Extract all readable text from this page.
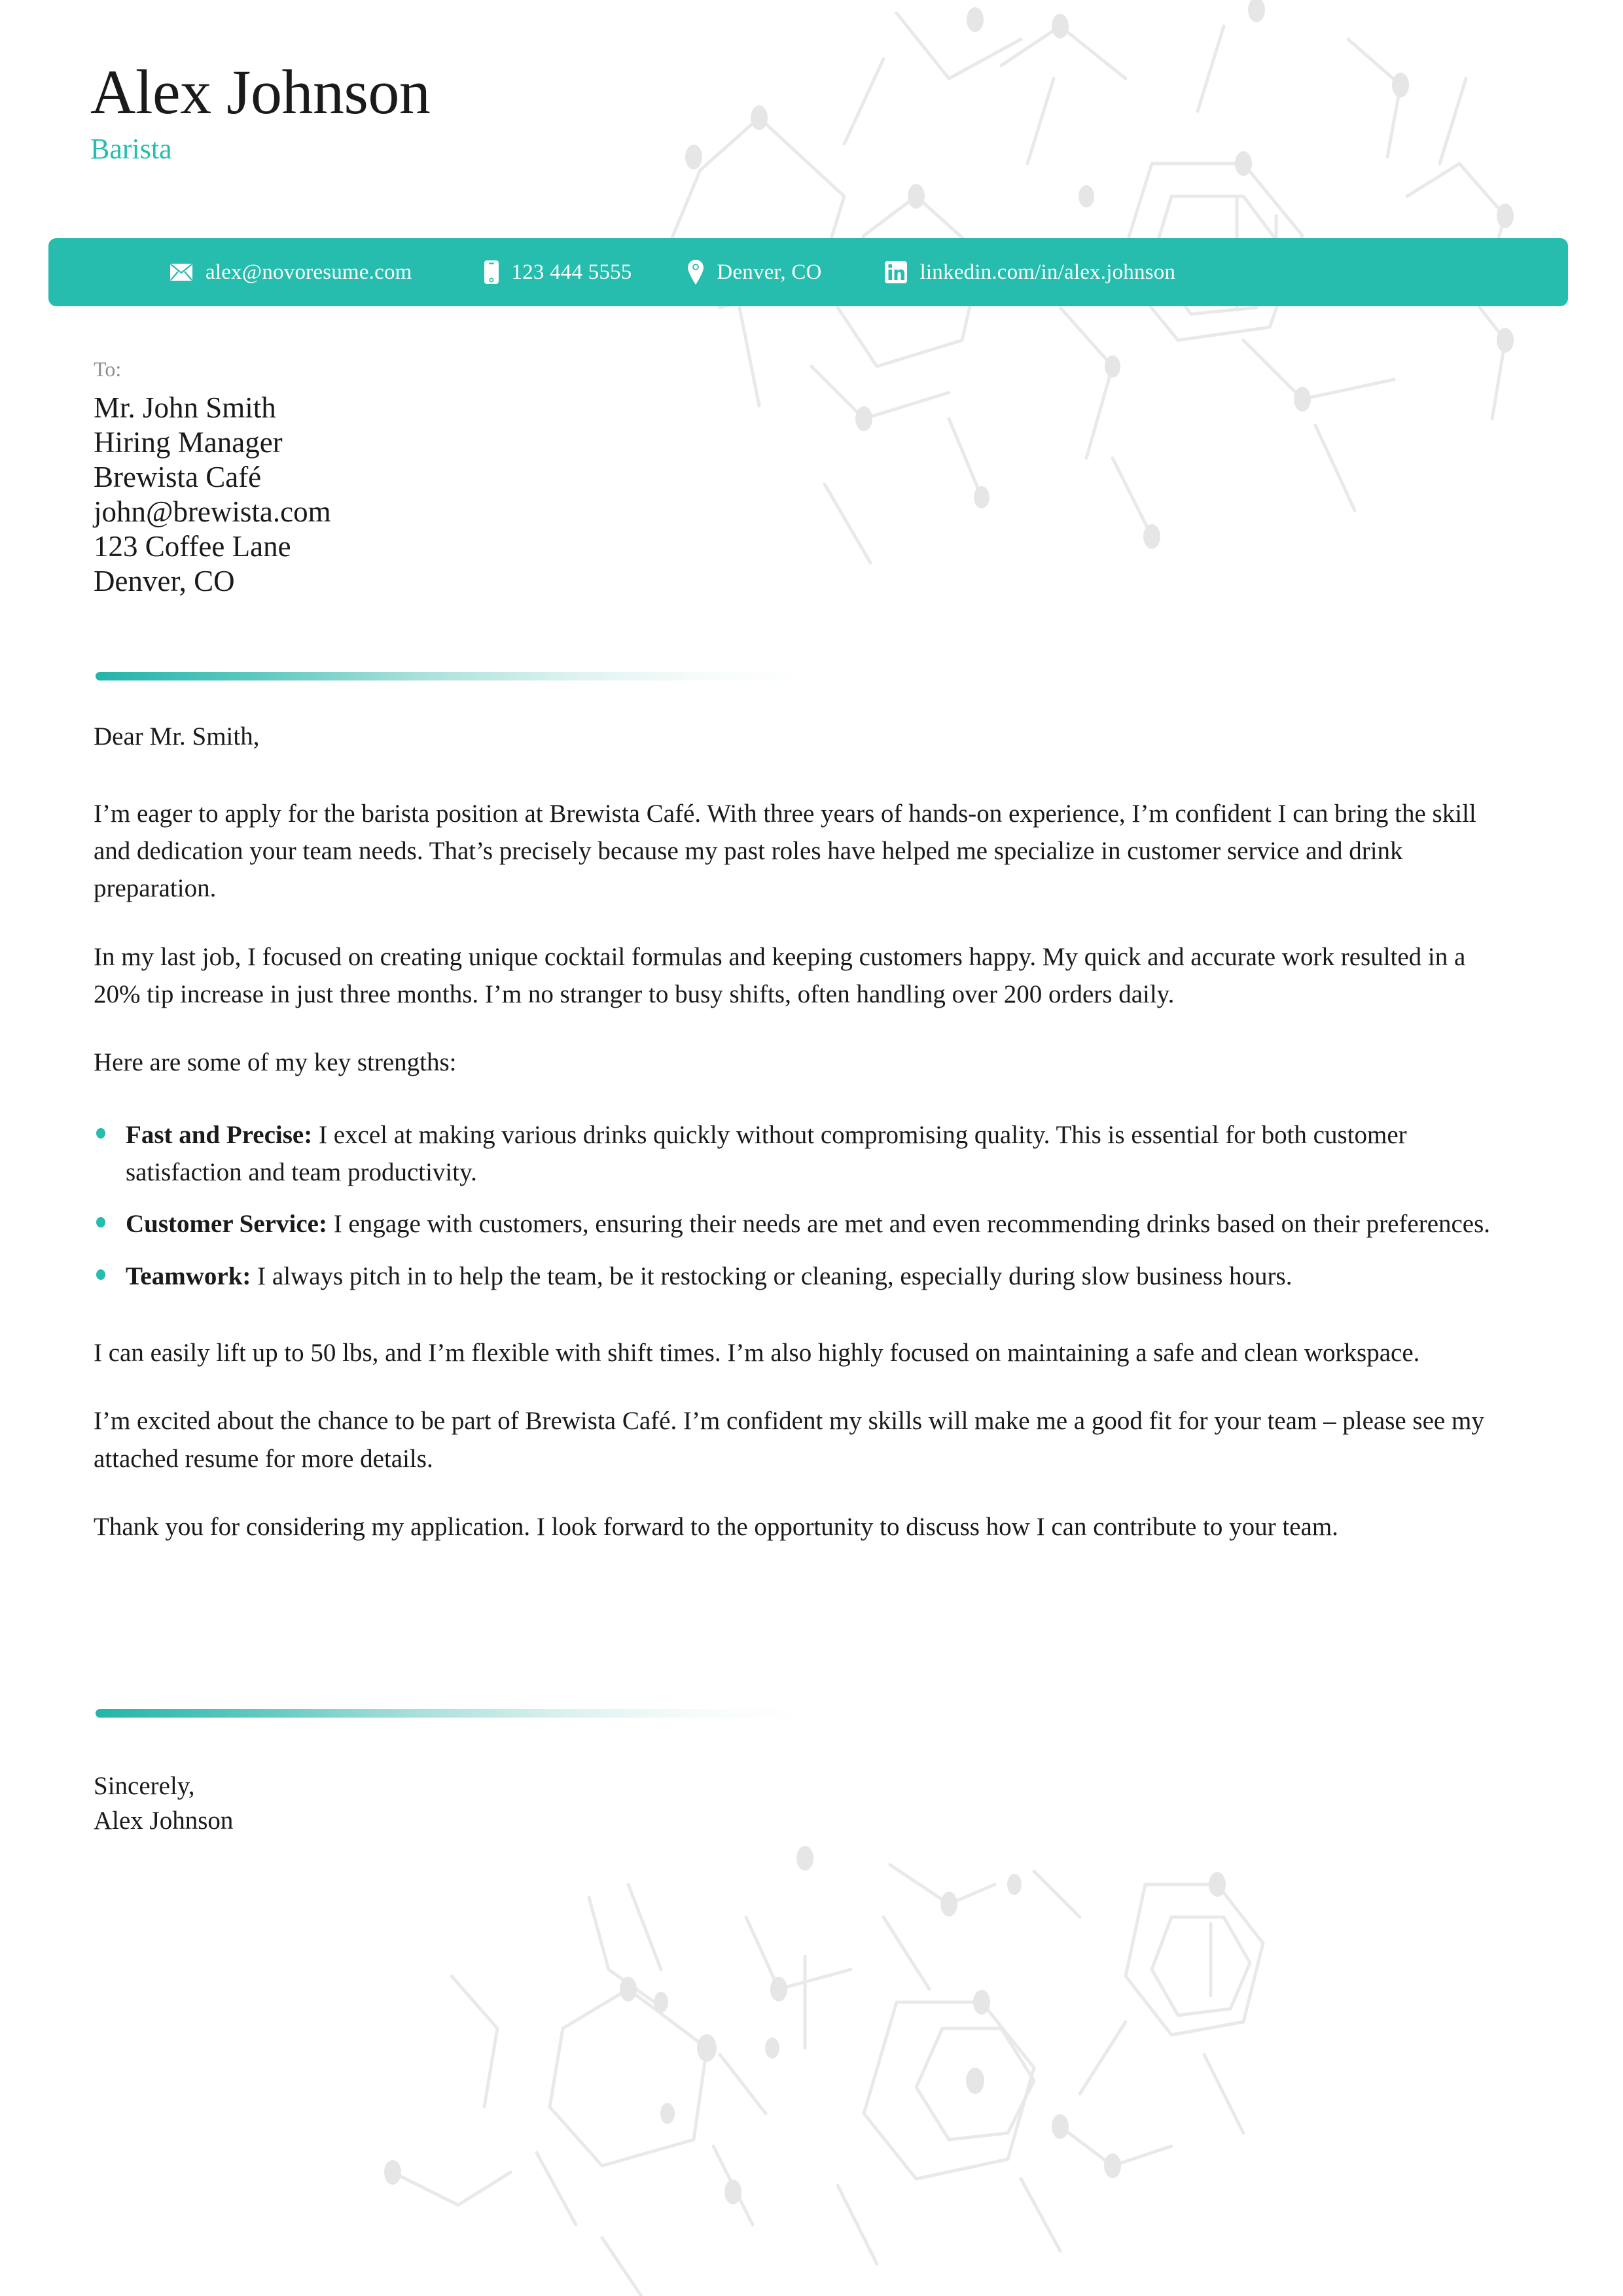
Alex Johnson
Barista
alex@novoresume.com	123 444 5555	Denver, CO	linkedin.com/in/alex.johnson
To:
Mr. John Smith
Hiring Manager
Brewista Café
john@brewista.com
123 Coffee Lane
Denver, CO
Dear Mr. Smith,

I’m eager to apply for the barista position at Brewista Café. With three years of hands-on experience, I’m confident I can bring the skill and dedication your team needs. That’s precisely because my past roles have helped me specialize in customer service and drink preparation.

In my last job, I focused on creating unique cocktail formulas and keeping customers happy. My quick and accurate work resulted in a 20% tip increase in just three months. I’m no stranger to busy shifts, often handling over 200 orders daily.

Here are some of my key strengths:

Fast and Precise: I excel at making various drinks quickly without compromising quality. This is essential for both customer satisfaction and team productivity.
Customer Service: I engage with customers, ensuring their needs are met and even recommending drinks based on their preferences.
Teamwork: I always pitch in to help the team, be it restocking or cleaning, especially during slow business hours.

I can easily lift up to 50 lbs, and I’m flexible with shift times. I’m also highly focused on maintaining a safe and clean workspace.

I’m excited about the chance to be part of Brewista Café. I’m confident my skills will make me a good fit for your team – please see my attached resume for more details.

Thank you for considering my application. I look forward to the opportunity to discuss how I can contribute to your team.

Sincerely,
Alex Johnson
